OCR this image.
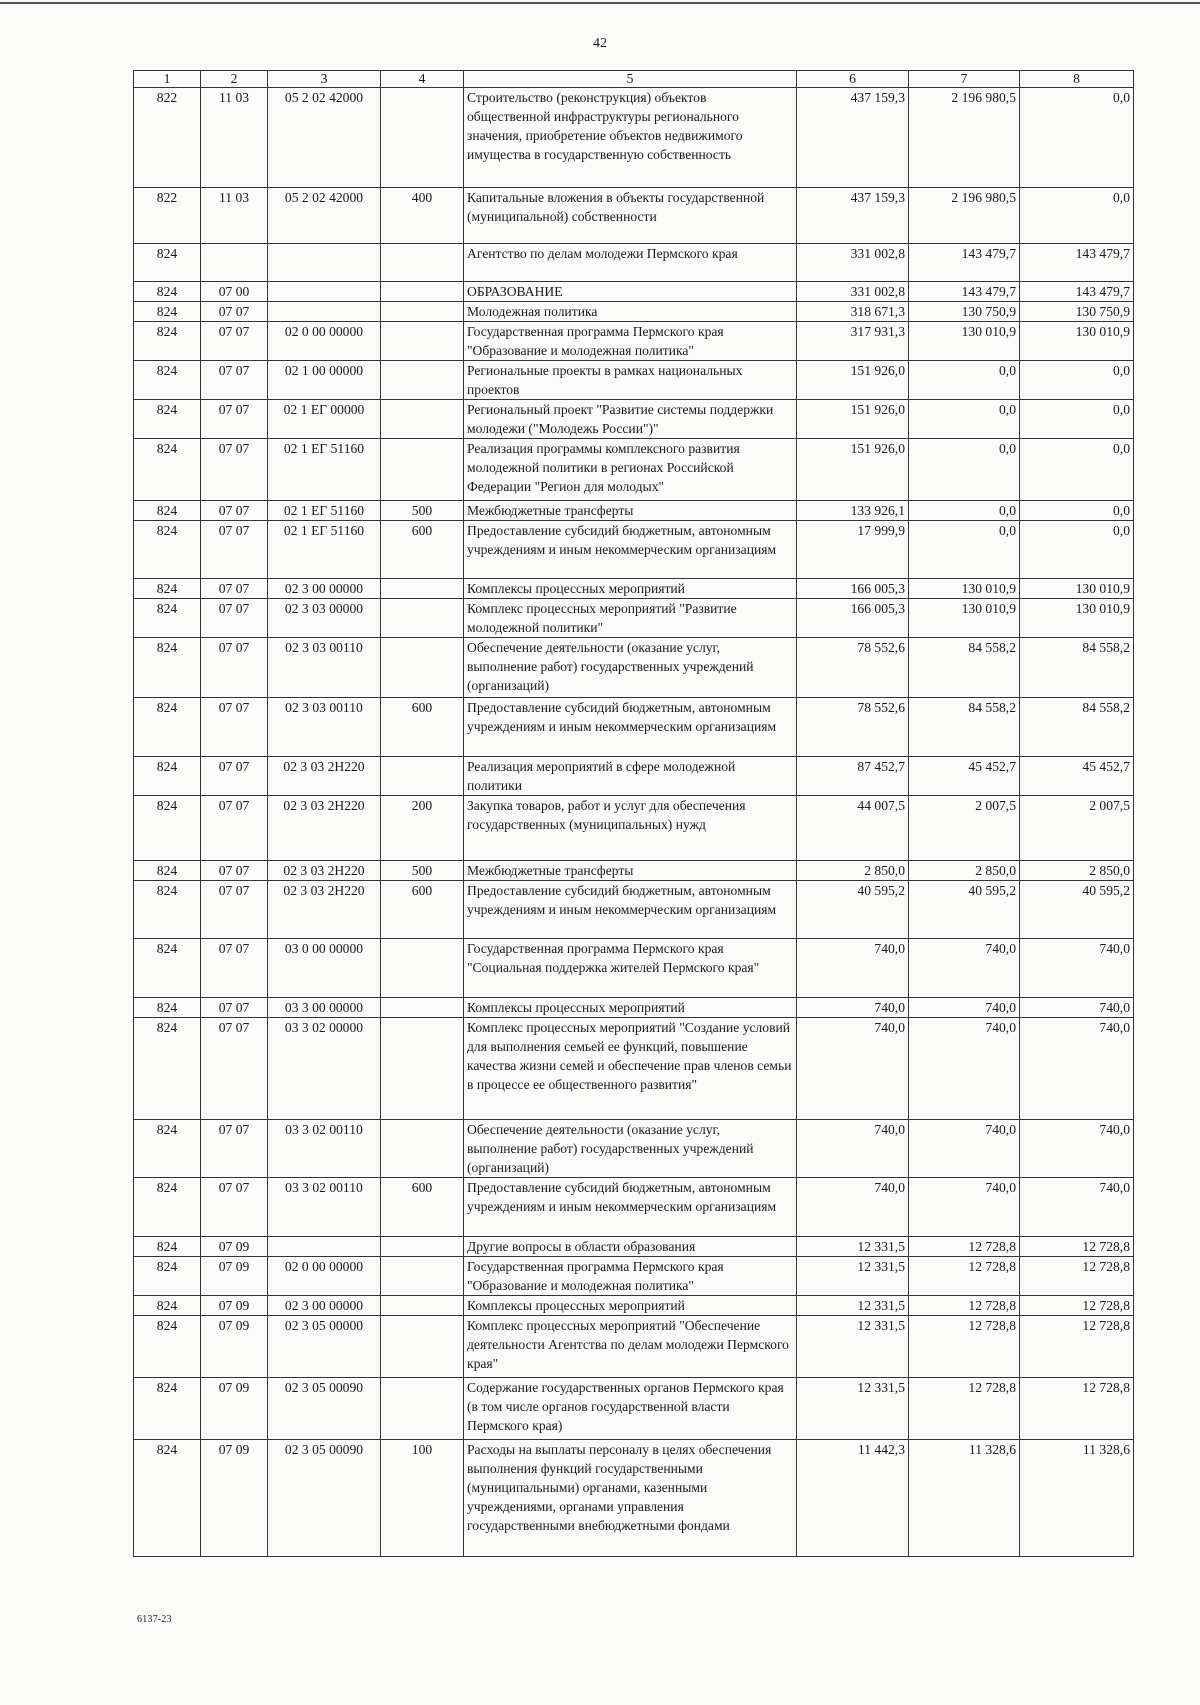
42
1	2	3	4	5	6	7	8
822	11 03	05 2 02 42000		Строительство (реконструкция) объектов общественной инфраструктуры регионального значения, приобретение объектов недвижимого имущества в государственную собственность	437 159,3	2 196 980,5	0,0
822	11 03	05 2 02 42000	400	Капитальные вложения в объекты государственной (муниципальной) собственности	437 159,3	2 196 980,5	0,0
824				Агентство по делам молодежи Пермского края	331 002,8	143 479,7	143 479,7
824	07 00			ОБРАЗОВАНИЕ	331 002,8	143 479,7	143 479,7
824	07 07			Молодежная политика	318 671,3	130 750,9	130 750,9
824	07 07	02 0 00 00000		Государственная программа Пермского края "Образование и молодежная политика"	317 931,3	130 010,9	130 010,9
824	07 07	02 1 00 00000		Региональные проекты в рамках национальных проектов	151 926,0	0,0	0,0
824	07 07	02 1 ЕГ 00000		Региональный проект "Развитие системы поддержки молодежи ("Молодежь России")"	151 926,0	0,0	0,0
824	07 07	02 1 ЕГ 51160		Реализация программы комплексного развития молодежной политики в регионах Российской Федерации "Регион для молодых"	151 926,0	0,0	0,0
824	07 07	02 1 ЕГ 51160	500	Межбюджетные трансферты	133 926,1	0,0	0,0
824	07 07	02 1 ЕГ 51160	600	Предоставление субсидий бюджетным, автономным учреждениям и иным некоммерческим организациям	17 999,9	0,0	0,0
824	07 07	02 3 00 00000		Комплексы процессных мероприятий	166 005,3	130 010,9	130 010,9
824	07 07	02 3 03 00000		Комплекс процессных мероприятий "Развитие молодежной политики"	166 005,3	130 010,9	130 010,9
824	07 07	02 3 03 00110		Обеспечение деятельности (оказание услуг, выполнение работ) государственных учреждений (организаций)	78 552,6	84 558,2	84 558,2
824	07 07	02 3 03 00110	600	Предоставление субсидий бюджетным, автономным учреждениям и иным некоммерческим организациям	78 552,6	84 558,2	84 558,2
824	07 07	02 3 03 2Н220		Реализация мероприятий в сфере молодежной политики	87 452,7	45 452,7	45 452,7
824	07 07	02 3 03 2Н220	200	Закупка товаров, работ и услуг для обеспечения государственных (муниципальных) нужд	44 007,5	2 007,5	2 007,5
824	07 07	02 3 03 2Н220	500	Межбюджетные трансферты	2 850,0	2 850,0	2 850,0
824	07 07	02 3 03 2Н220	600	Предоставление субсидий бюджетным, автономным учреждениям и иным некоммерческим организациям	40 595,2	40 595,2	40 595,2
824	07 07	03 0 00 00000		Государственная программа Пермского края "Социальная поддержка жителей Пермского края"	740,0	740,0	740,0
824	07 07	03 3 00 00000		Комплексы процессных мероприятий	740,0	740,0	740,0
824	07 07	03 3 02 00000		Комплекс процессных мероприятий "Создание условий для выполнения семьей ее функций, повышение качества жизни семей и обеспечение прав членов семьи в процессе ее общественного развития"	740,0	740,0	740,0
824	07 07	03 3 02 00110		Обеспечение деятельности (оказание услуг, выполнение работ) государственных учреждений (организаций)	740,0	740,0	740,0
824	07 07	03 3 02 00110	600	Предоставление субсидий бюджетным, автономным учреждениям и иным некоммерческим организациям	740,0	740,0	740,0
824	07 09			Другие вопросы в области образования	12 331,5	12 728,8	12 728,8
824	07 09	02 0 00 00000		Государственная программа Пермского края "Образование и молодежная политика"	12 331,5	12 728,8	12 728,8
824	07 09	02 3 00 00000		Комплексы процессных мероприятий	12 331,5	12 728,8	12 728,8
824	07 09	02 3 05 00000		Комплекс процессных мероприятий "Обеспечение деятельности Агентства по делам молодежи Пермского края"	12 331,5	12 728,8	12 728,8
824	07 09	02 3 05 00090		Содержание государственных органов Пермского края (в том числе органов государственной власти Пермского края)	12 331,5	12 728,8	12 728,8
824	07 09	02 3 05 00090	100	Расходы на выплаты персоналу в целях обеспечения выполнения функций государственными (муниципальными) органами, казенными учреждениями, органами управления государственными внебюджетными фондами	11 442,3	11 328,6	11 328,6
6137-23
